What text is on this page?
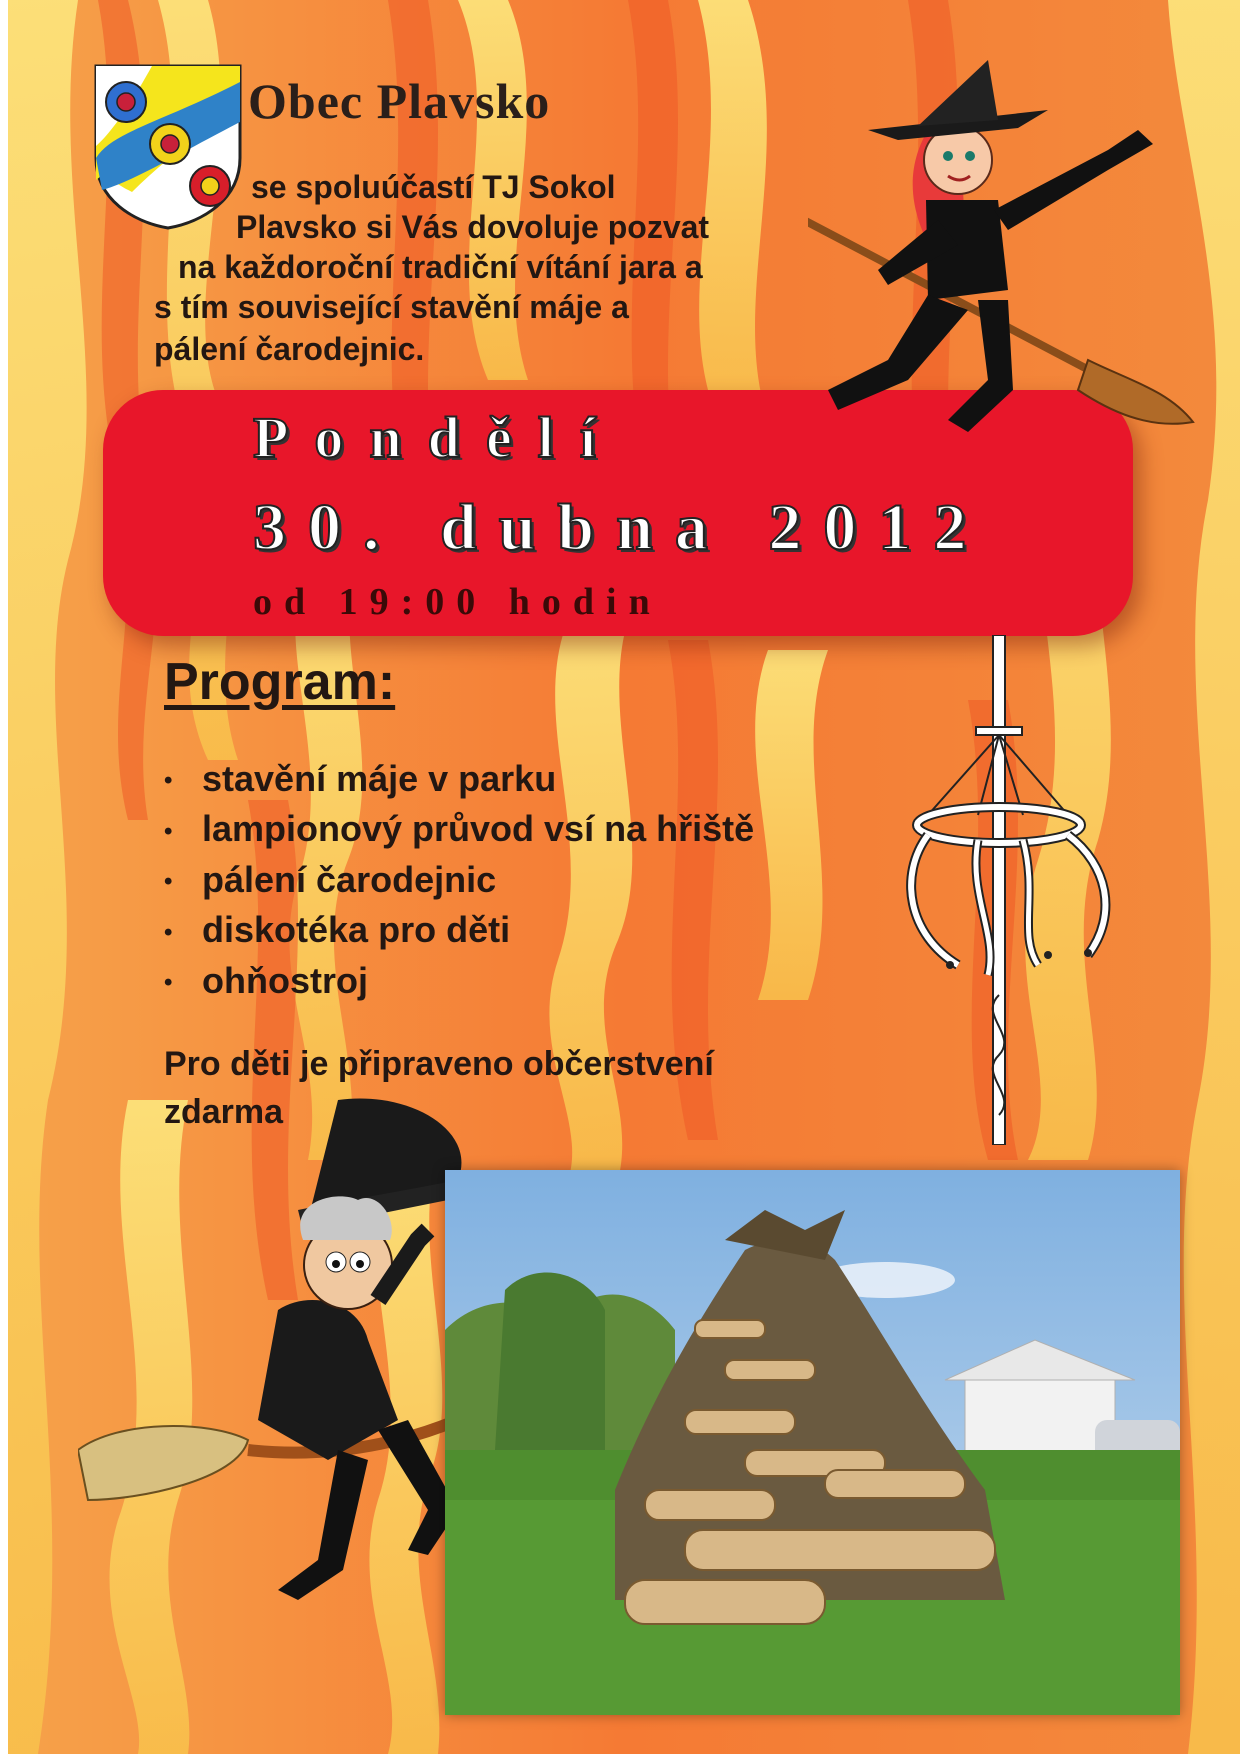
Obec Plavsko
se spoluúčastí TJ Sokol
Plavsko si Vás dovoluje pozvat
na každoroční tradiční vítání jara a
s tím související stavění máje a
pálení čarodejnic.
Pondělí
30. dubna 2012
od 19:00 hodin
Program:
• stavění máje v parku
• lampionový průvod vsí na hřiště
• pálení čarodejnic
• diskotéka pro děti
• ohňostroj
Pro děti je připraveno občerstvení
zdarma
